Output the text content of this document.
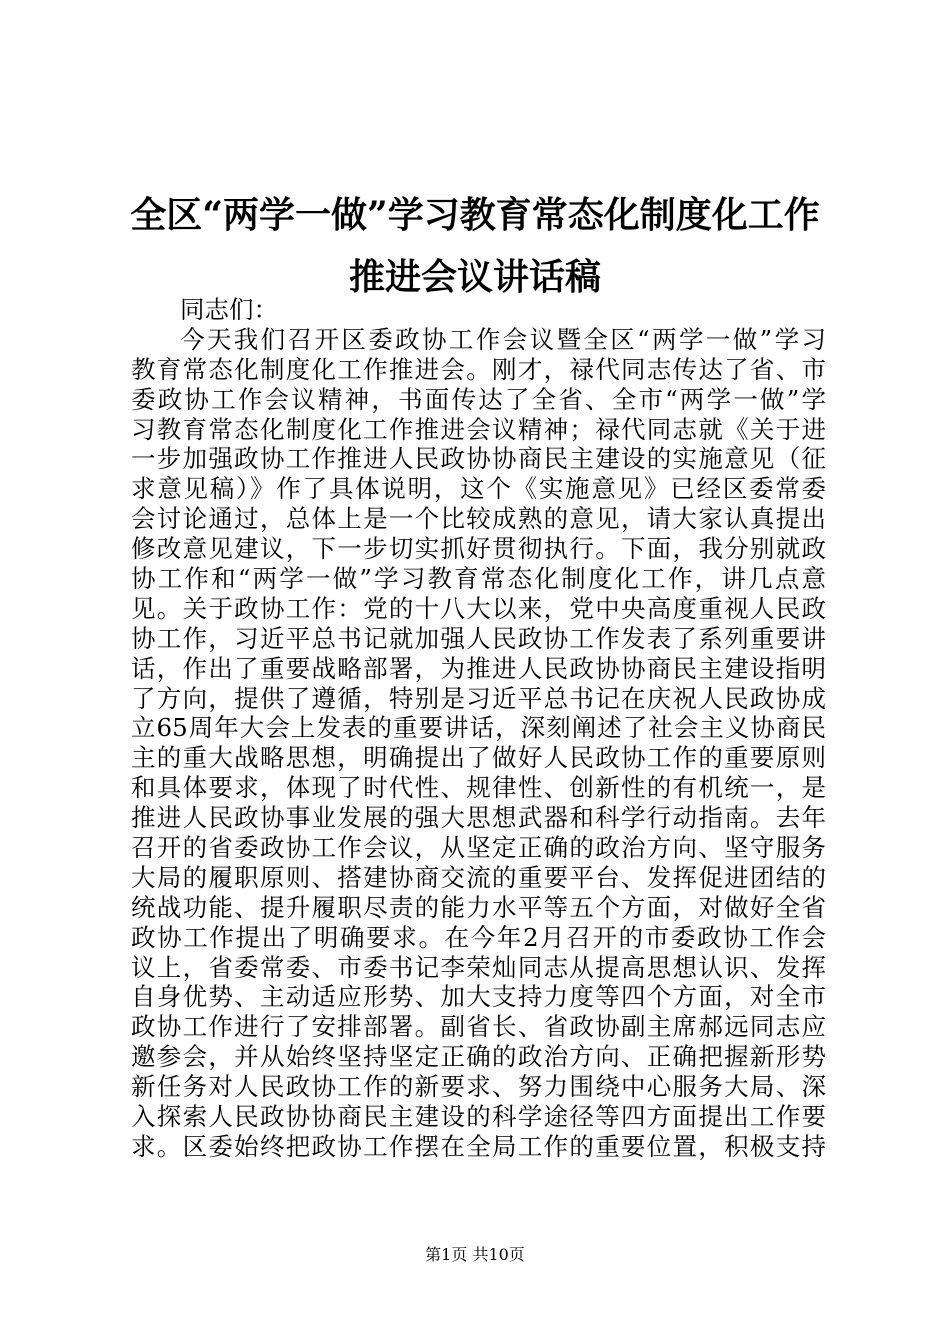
全区“两学一做”学习教育常态化制度化工作
推进会议讲话稿
同志们：
今天我们召开区委政协工作会议暨全区“两学一做”学习
教育常态化制度化工作推进会。刚才，禄代同志传达了省、市
委政协工作会议精神，书面传达了全省、全市“两学一做”学
习教育常态化制度化工作推进会议精神；禄代同志就《关于进
一步加强政协工作推进人民政协协商民主建设的实施意见（征
求意见稿）》作了具体说明，这个《实施意见》已经区委常委
会讨论通过，总体上是一个比较成熟的意见，请大家认真提出
修改意见建议，下一步切实抓好贯彻执行。下面，我分别就政
协工作和“两学一做”学习教育常态化制度化工作，讲几点意
见。关于政协工作：党的十八大以来，党中央高度重视人民政
协工作，习近平总书记就加强人民政协工作发表了系列重要讲
话，作出了重要战略部署，为推进人民政协协商民主建设指明
了方向，提供了遵循，特别是习近平总书记在庆祝人民政协成
立65周年大会上发表的重要讲话，深刻阐述了社会主义协商民
主的重大战略思想，明确提出了做好人民政协工作的重要原则
和具体要求，体现了时代性、规律性、创新性的有机统一，是
推进人民政协事业发展的强大思想武器和科学行动指南。去年
召开的省委政协工作会议，从坚定正确的政治方向、坚守服务
大局的履职原则、搭建协商交流的重要平台、发挥促进团结的
统战功能、提升履职尽责的能力水平等五个方面，对做好全省
政协工作提出了明确要求。在今年2月召开的市委政协工作会
议上，省委常委、市委书记李荣灿同志从提高思想认识、发挥
自身优势、主动适应形势、加大支持力度等四个方面，对全市
政协工作进行了安排部署。副省长、省政协副主席郝远同志应
邀参会，并从始终坚持坚定正确的政治方向、正确把握新形势
新任务对人民政协工作的新要求、努力围绕中心服务大局、深
入探索人民政协协商民主建设的科学途径等四方面提出工作要
求。区委始终把政协工作摆在全局工作的重要位置，积极支持
第1页 共10页
